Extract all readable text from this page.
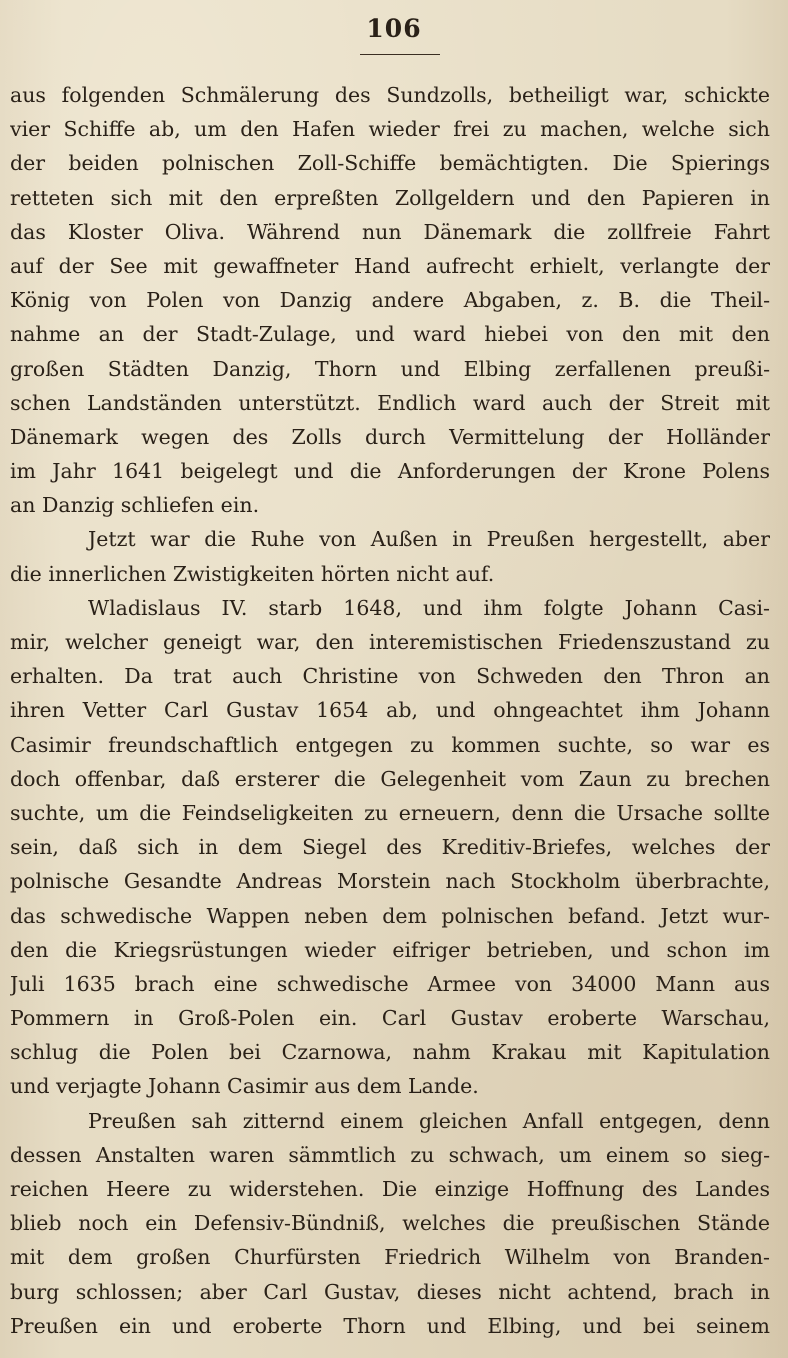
106
aus folgenden Schmälerung des Sundzolls, betheiligt war, schickte
vier Schiffe ab, um den Hafen wieder frei zu machen, welche sich
der beiden polnischen Zoll-Schiffe bemächtigten. Die Spierings
retteten sich mit den erpreßten Zollgeldern und den Papieren in
das Kloster Oliva. Während nun Dänemark die zollfreie Fahrt
auf der See mit gewaffneter Hand aufrecht erhielt, verlangte der
König von Polen von Danzig andere Abgaben, z. B. die Theil-
nahme an der Stadt-Zulage, und ward hiebei von den mit den
großen Städten Danzig, Thorn und Elbing zerfallenen preußi-
schen Landständen unterstützt. Endlich ward auch der Streit mit
Dänemark wegen des Zolls durch Vermittelung der Holländer
im Jahr 1641 beigelegt und die Anforderungen der Krone Polens
an Danzig schliefen ein.
Jetzt war die Ruhe von Außen in Preußen hergestellt, aber
die innerlichen Zwistigkeiten hörten nicht auf.
Wladislaus IV. starb 1648, und ihm folgte Johann Casi-
mir, welcher geneigt war, den interemistischen Friedenszustand zu
erhalten. Da trat auch Christine von Schweden den Thron an
ihren Vetter Carl Gustav 1654 ab, und ohngeachtet ihm Johann
Casimir freundschaftlich entgegen zu kommen suchte, so war es
doch offenbar, daß ersterer die Gelegenheit vom Zaun zu brechen
suchte, um die Feindseligkeiten zu erneuern, denn die Ursache sollte
sein, daß sich in dem Siegel des Kreditiv-Briefes, welches der
polnische Gesandte Andreas Morstein nach Stockholm überbrachte,
das schwedische Wappen neben dem polnischen befand. Jetzt wur-
den die Kriegsrüstungen wieder eifriger betrieben, und schon im
Juli 1635 brach eine schwedische Armee von 34000 Mann aus
Pommern in Groß-Polen ein. Carl Gustav eroberte Warschau,
schlug die Polen bei Czarnowa, nahm Krakau mit Kapitulation
und verjagte Johann Casimir aus dem Lande.
Preußen sah zitternd einem gleichen Anfall entgegen, denn
dessen Anstalten waren sämmtlich zu schwach, um einem so sieg-
reichen Heere zu widerstehen. Die einzige Hoffnung des Landes
blieb noch ein Defensiv-Bündniß, welches die preußischen Stände
mit dem großen Churfürsten Friedrich Wilhelm von Branden-
burg schlossen; aber Carl Gustav, dieses nicht achtend, brach in
Preußen ein und eroberte Thorn und Elbing, und bei seinem
